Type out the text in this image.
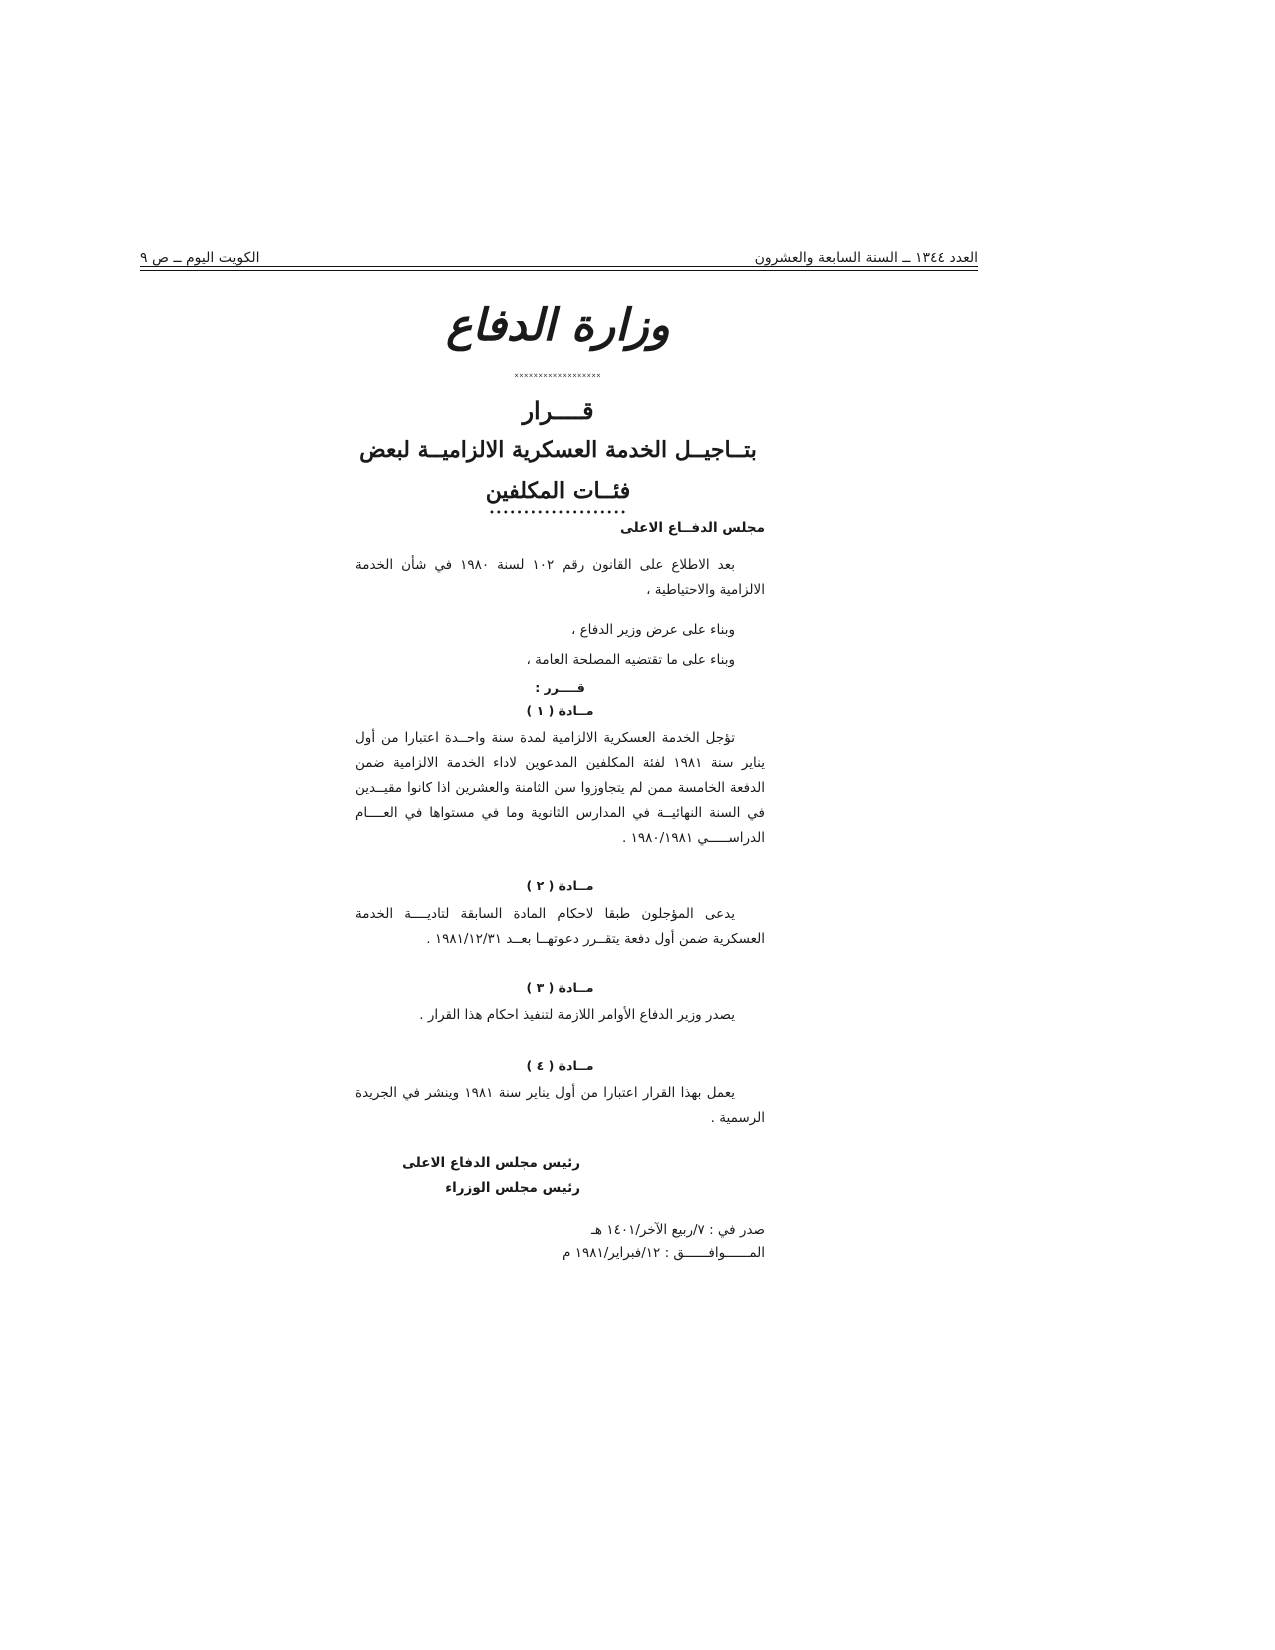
العدد ١٣٤٤ ــ السنة السابعة والعشرون
الكويت اليوم ــ ص ٩
وزارة الدفاع
˟˟˟˟˟˟˟˟˟˟˟˟˟˟˟˟˟˟
قــــرار
بتــاجيــل الخدمة العسكرية الالزاميــة لبعض
فئــات المكلفين
••••••••••••••••••••
مجلس الدفــاع الاعلى
بعد الاطلاع على القانون رقم ١٠٢ لسنة ١٩٨٠ في شأن الخدمة الالزامية والاحتياطية ،
وبناء على عرض وزير الدفاع ،
وبناء على ما تقتضيه المصلحة العامة ،
قــــرر :
مــادة ( ١ )
تؤجل الخدمة العسكرية الالزامية لمدة سنة واحــدة اعتبارا من أول يناير سنة ١٩٨١ لفئة المكلفين المدعوين لاداء الخدمة الالزامية ضمن الدفعة الخامسة ممن لم يتجاوزوا سن الثامنة والعشرين اذا كانوا مقيــدين في السنة النهائيــة في المدارس الثانوية وما في مستواها في العــــام الدراســـــي ١٩٨٠/١٩٨١ .
مــادة ( ٢ )
يدعى المؤجلون طبقا لاحكام المادة السابقة لتاديــــة الخدمة العسكرية ضمن أول دفعة يتقــرر دعوتهــا بعــد ١٩٨١/١٢/٣١ .
مــادة ( ٣ )
يصدر وزير الدفاع الأوامر اللازمة لتنفيذ احكام هذا القرار .
مــادة ( ٤ )
يعمل بهذا القرار اعتبارا من أول يناير سنة ١٩٨١ وينشر في الجريدة الرسمية .
رئيس مجلس الدفاع الاعلى
رئيس مجلس الوزراء
صدر في : ٧/ربيع الآخر/١٤٠١ هـ
المــــــوافــــــق : ١٢/فبراير/١٩٨١ م
